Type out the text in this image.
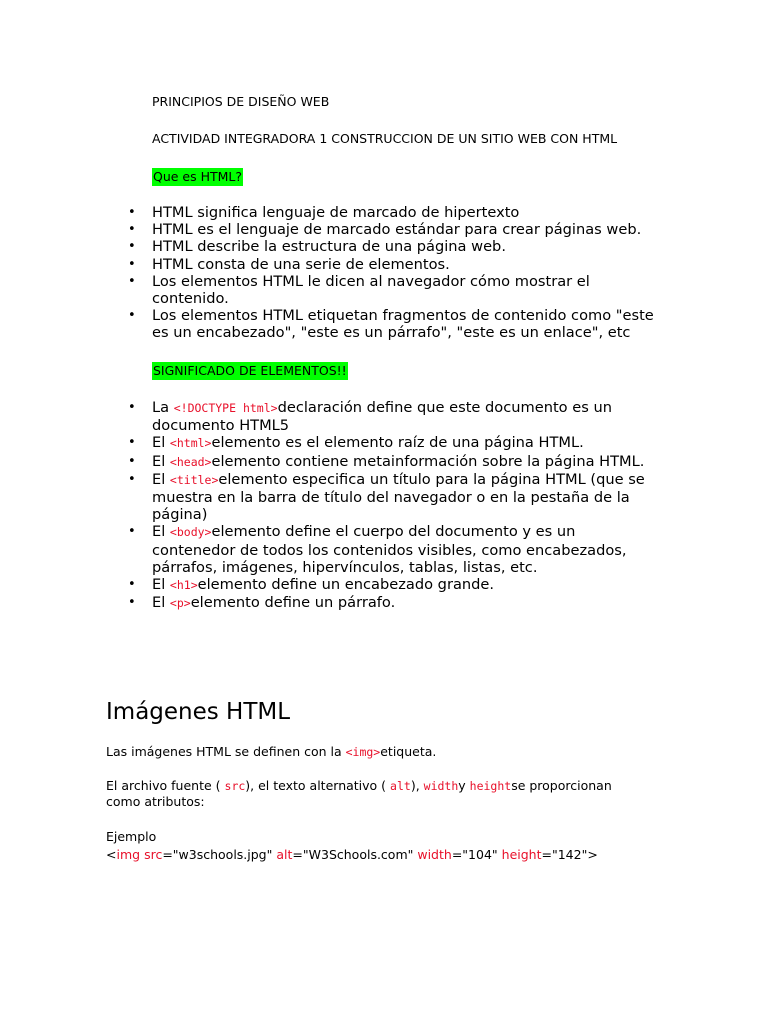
PRINCIPIOS DE DISEÑO WEB
ACTIVIDAD INTEGRADORA 1 CONSTRUCCION DE UN SITIO WEB CON HTML
Que es HTML?
• HTML significa lenguaje de marcado de hipertexto
• HTML es el lenguaje de marcado estándar para crear páginas web.
• HTML describe la estructura de una página web.
• HTML consta de una serie de elementos.
• Los elementos HTML le dicen al navegador cómo mostrar el contenido.
• Los elementos HTML etiquetan fragmentos de contenido como "este es un encabezado", "este es un párrafo", "este es un enlace", etc
SIGNIFICADO DE ELEMENTOS!!
• La <!DOCTYPE html>declaración define que este documento es un documento HTML5
• El <html>elemento es el elemento raíz de una página HTML.
• El <head>elemento contiene metainformación sobre la página HTML.
• El <title>elemento especifica un título para la página HTML (que se muestra en la barra de título del navegador o en la pestaña de la página)
• El <body>elemento define el cuerpo del documento y es un contenedor de todos los contenidos visibles, como encabezados, párrafos, imágenes, hipervínculos, tablas, listas, etc.
• El <h1>elemento define un encabezado grande.
• El <p>elemento define un párrafo.
Imágenes HTML
Las imágenes HTML se definen con la <img>etiqueta.
El archivo fuente ( src), el texto alternativo ( alt), widthy heightse proporcionan como atributos:
Ejemplo
<img src="w3schools.jpg" alt="W3Schools.com" width="104" height="142">
